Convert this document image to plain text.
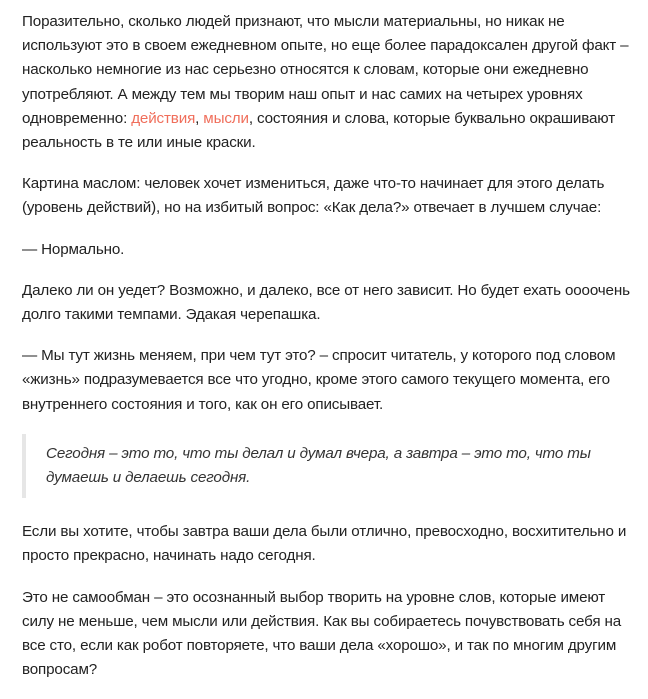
Поразительно, сколько людей признают, что мысли материальны, но никак не используют это в своем ежедневном опыте, но еще более парадоксален другой факт – насколько немногие из нас серьезно относятся к словам, которые они ежедневно употребляют. А между тем мы творим наш опыт и нас самих на четырех уровнях одновременно: действия, мысли, состояния и слова, которые буквально окрашивают реальность в те или иные краски.

Картина маслом: человек хочет измениться, даже что-то начинает для этого делать (уровень действий), но на избитый вопрос: «Как дела?» отвечает в лучшем случае:

— Нормально.

Далеко ли он уедет? Возможно, и далеко, все от него зависит. Но будет ехать оооочень долго такими темпами. Эдакая черепашка.

— Мы тут жизнь меняем, при чем тут это? – спросит читатель, у которого под словом «жизнь» подразумевается все что угодно, кроме этого самого текущего момента, его внутреннего состояния и того, как он его описывает.

Сегодня – это то, что ты делал и думал вчера, а завтра – это то, что ты думаешь и делаешь сегодня.

Если вы хотите, чтобы завтра ваши дела были отлично, превосходно, восхитительно и просто прекрасно, начинать надо сегодня.

Это не самообман – это осознанный выбор творить на уровне слов, которые имеют силу не меньше, чем мысли или действия. Как вы собираетесь почувствовать себя на все сто, если как робот повторяете, что ваши дела «хорошо», и так по многим другим вопросам?
